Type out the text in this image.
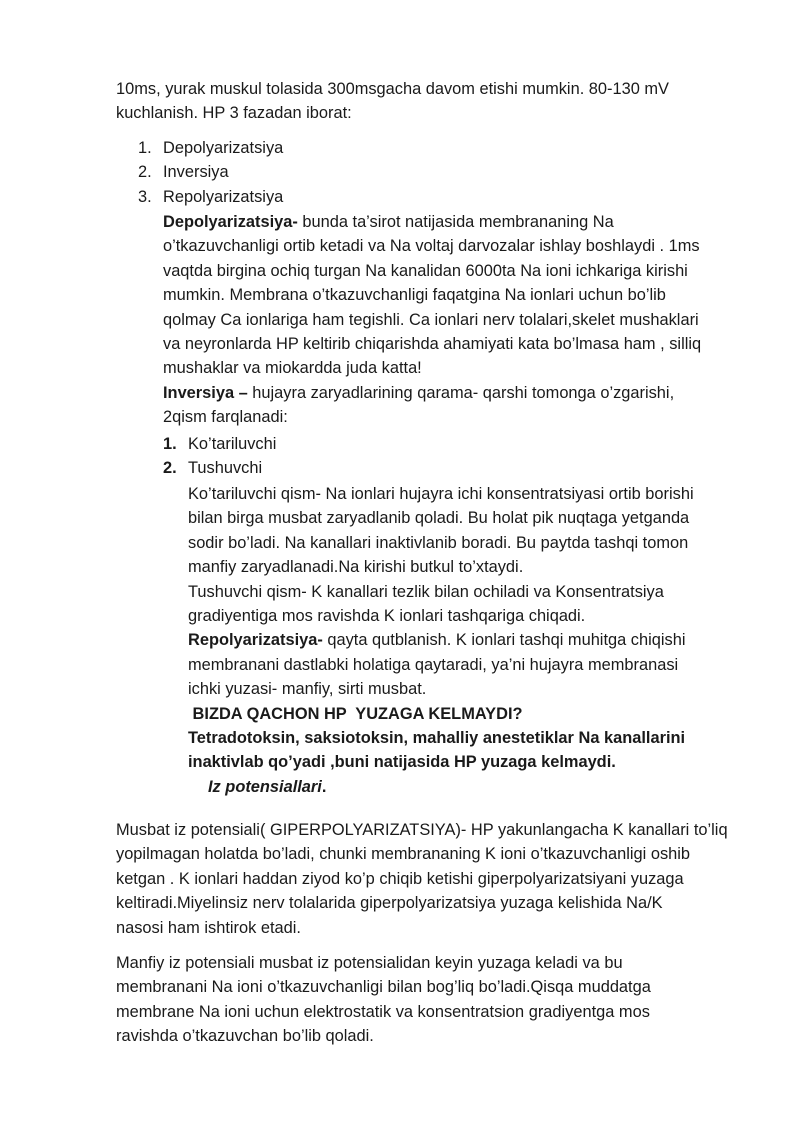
10ms, yurak muskul tolasida 300msgacha davom etishi mumkin. 80-130 mV
kuchlanish. HP 3 fazadan iborat:

1. Depolyarizatsiya
2. Inversiya
3. Repolyarizatsiya
Depolyarizatsiya- bunda ta’sirot natijasida membrananing Na
o’tkazuvchanligi ortib ketadi va Na voltaj darvozalar ishlay boshlaydi . 1ms
vaqtda birgina ochiq turgan Na kanalidan 6000ta Na ioni ichkariga kirishi
mumkin. Membrana o’tkazuvchanligi faqatgina Na ionlari uchun bo’lib
qolmay Ca ionlariga ham tegishli. Ca ionlari nerv tolalari,skelet mushaklari
va neyronlarda HP keltirib chiqarishda ahamiyati kata bo’lmasa ham , silliq
mushaklar va miokardda juda katta!
Inversiya – hujayra zaryadlarining qarama- qarshi tomonga o’zgarishi,
2qism farqlanadi:
1. Ko’tariluvchi
2. Tushuvchi
Ko’tariluvchi qism- Na ionlari hujayra ichi konsentratsiyasi ortib borishi
bilan birga musbat zaryadlanib qoladi. Bu holat pik nuqtaga yetganda
sodir bo’ladi. Na kanallari inaktivlanib boradi. Bu paytda tashqi tomon
manfiy zaryadlanadi.Na kirishi butkul to’xtaydi.
Tushuvchi qism- K kanallari tezlik bilan ochiladi va Konsentratsiya
gradiyentiga mos ravishda K ionlari tashqariga chiqadi.
Repolyarizatsiya- qayta qutblanish. K ionlari tashqi muhitga chiqishi
membranani dastlabki holatiga qaytaradi, ya’ni hujayra membranasi
ichki yuzasi- manfiy, sirti musbat.
BIZDA QACHON HP  YUZAGA KELMAYDI?
Tetradotoksin, saksiotoksin, mahalliy anestetiklar Na kanallarini
inaktivlab qo’yadi ,buni natijasida HP yuzaga kelmaydi.
Iz potensiallari.
Musbat iz potensiali( GIPERPOLYARIZATSIYA)- HP yakunlangacha K kanallari to’liq
yopilmagan holatda bo’ladi, chunki membrananing K ioni o’tkazuvchanligi oshib
ketgan . K ionlari haddan ziyod ko’p chiqib ketishi giperpolyarizatsiyani yuzaga
keltiradi.Miyelinsiz nerv tolalarida giperpolyarizatsiya yuzaga kelishida Na/K
nasosi ham ishtirok etadi.
Manfiy iz potensiali musbat iz potensialidan keyin yuzaga keladi va bu
membranani Na ioni o’tkazuvchanligi bilan bog’liq bo’ladi.Qisqa muddatga
membrane Na ioni uchun elektrostatik va konsentratsion gradiyentga mos
ravishda o’tkazuvchan bo’lib qoladi.
